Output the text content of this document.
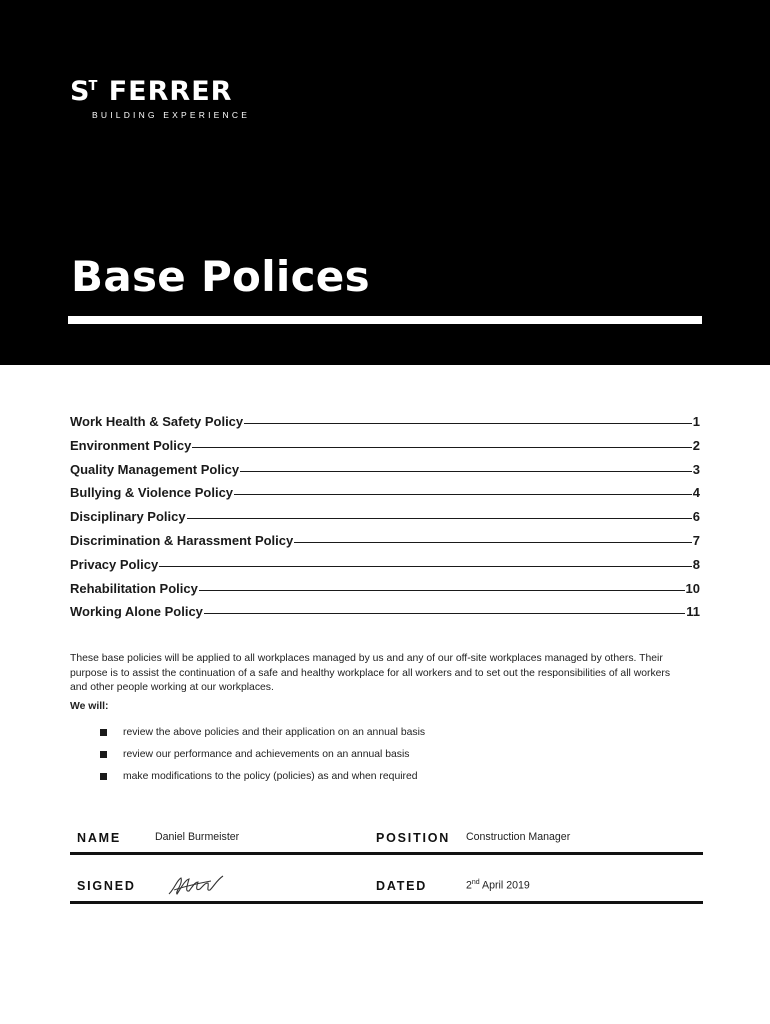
$S^T$ FERRER
BUILDING EXPERIENCE
Base Polices
Work Health & Safety Policy	1
Environment Policy	2
Quality Management Policy	3
Bullying & Violence Policy	4
Disciplinary Policy	6
Discrimination & Harassment Policy	7
Privacy Policy	8
Rehabilitation Policy	10
Working Alone Policy	11

These base policies will be applied to all workplaces managed by us and any of our off-site workplaces managed by others. Their purpose is to assist the continuation of a safe and healthy workplace for all workers and to set out the responsibilities of all workers and other people working at our workplaces.

We will:

review the above policies and their application on an annual basis
review our performance and achievements on an annual basis
make modifications to the policy (policies) as and when required
NAME	Daniel Burmeister	POSITION Construction Manager
SIGNED	DATED	2nd April 2019
